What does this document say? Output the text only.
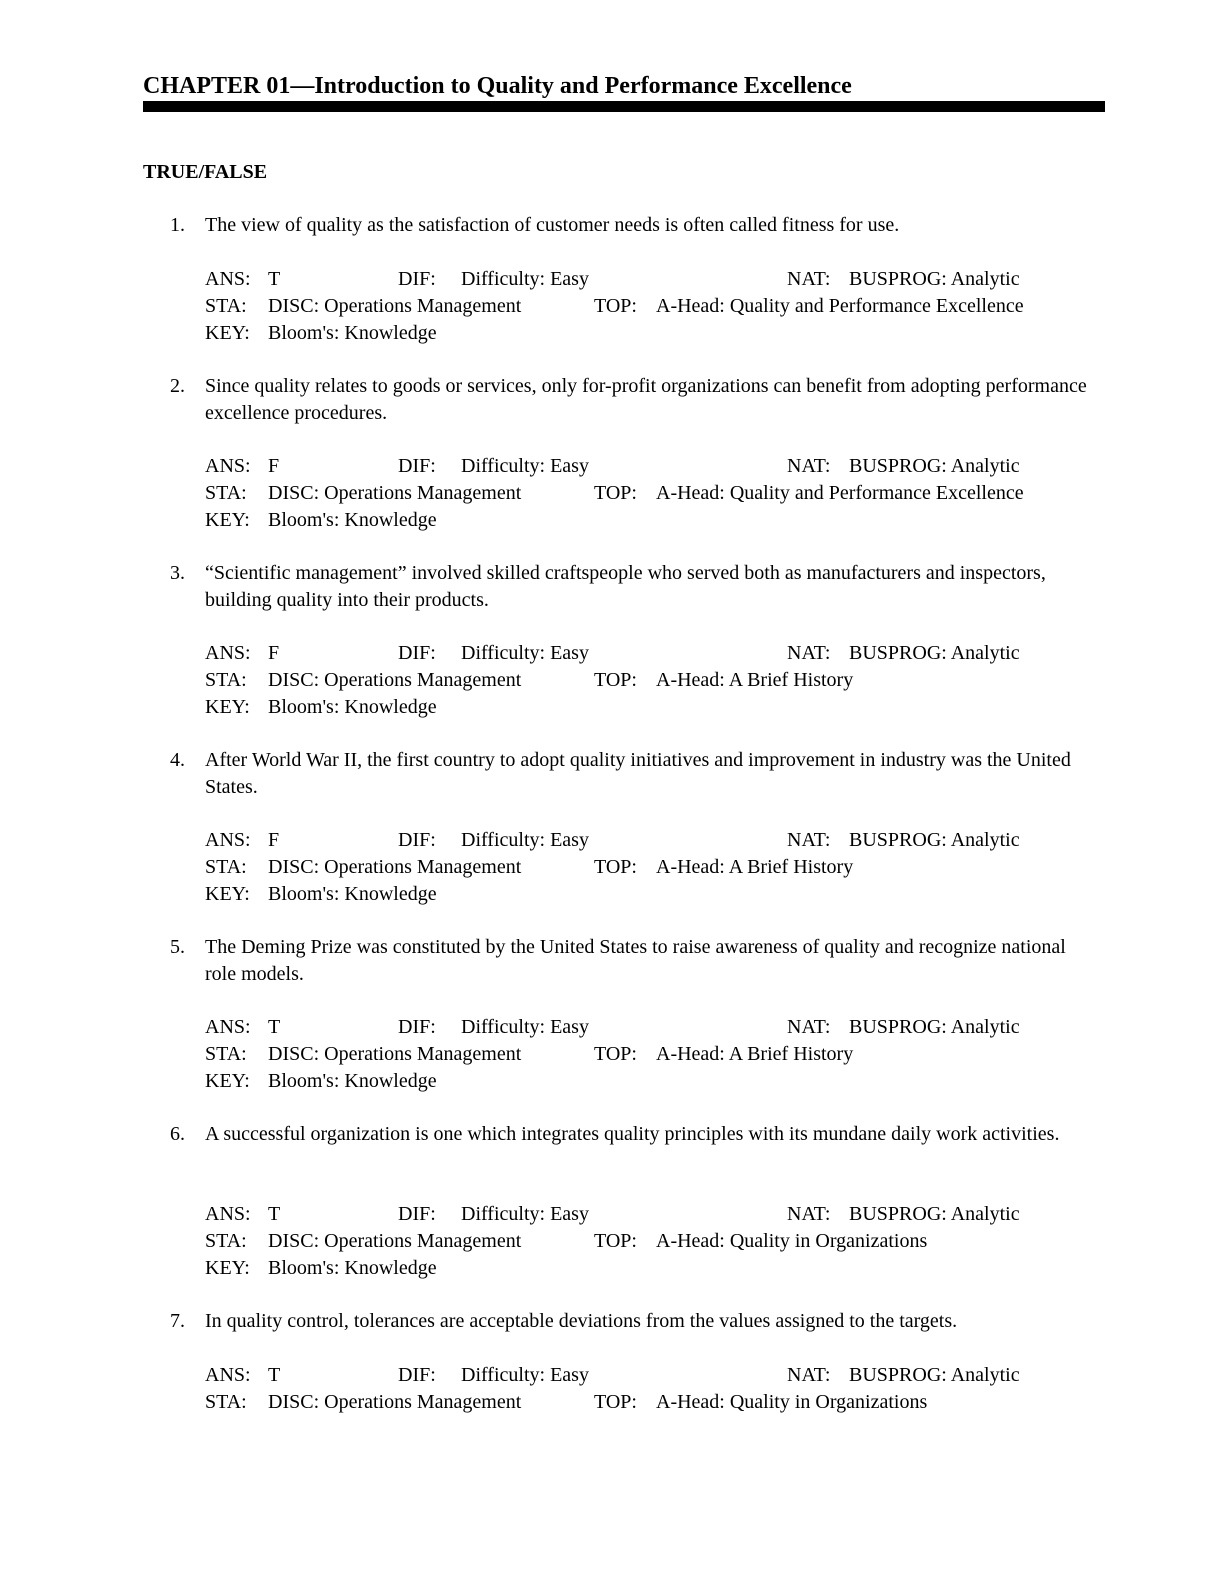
CHAPTER 01—Introduction to Quality and Performance Excellence
TRUE/FALSE
1.	The view of quality as the satisfaction of customer needs is often called fitness for use.
ANS: T	DIF: Difficulty: Easy	NAT: BUSPROG: Analytic
STA: DISC: Operations Management	TOP: A-Head: Quality and Performance Excellence
KEY: Bloom's: Knowledge
2.	Since quality relates to goods or services, only for-profit organizations can benefit from adopting performance excellence procedures.
ANS: F	DIF: Difficulty: Easy	NAT: BUSPROG: Analytic
STA: DISC: Operations Management	TOP: A-Head: Quality and Performance Excellence
KEY: Bloom's: Knowledge
3.	“Scientific management” involved skilled craftspeople who served both as manufacturers and inspectors, building quality into their products.
ANS: F	DIF: Difficulty: Easy	NAT: BUSPROG: Analytic
STA: DISC: Operations Management	TOP: A-Head: A Brief History
KEY: Bloom's: Knowledge
4.	After World War II, the first country to adopt quality initiatives and improvement in industry was the United States.
ANS: F	DIF: Difficulty: Easy	NAT: BUSPROG: Analytic
STA: DISC: Operations Management	TOP: A-Head: A Brief History
KEY: Bloom's: Knowledge
5.	The Deming Prize was constituted by the United States to raise awareness of quality and recognize national role models.
ANS: T	DIF: Difficulty: Easy	NAT: BUSPROG: Analytic
STA: DISC: Operations Management	TOP: A-Head: A Brief History
KEY: Bloom's: Knowledge
6.	A successful organization is one which integrates quality principles with its mundane daily work activities.
ANS: T	DIF: Difficulty: Easy	NAT: BUSPROG: Analytic
STA: DISC: Operations Management	TOP: A-Head: Quality in Organizations
KEY: Bloom's: Knowledge
7.	In quality control, tolerances are acceptable deviations from the values assigned to the targets.
ANS: T	DIF: Difficulty: Easy	NAT: BUSPROG: Analytic
STA: DISC: Operations Management	TOP: A-Head: Quality in Organizations
